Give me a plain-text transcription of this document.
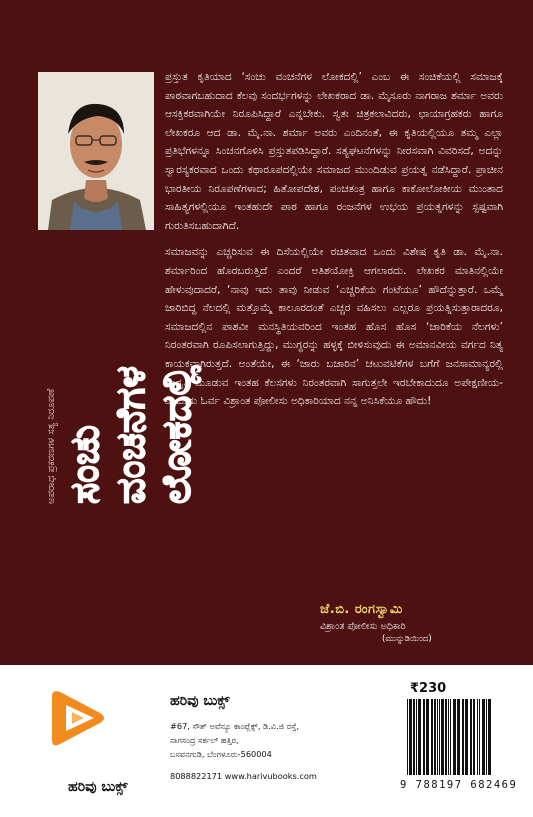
ಅಪರಾಧ ಪ್ರಕರಣಗಳ ಸತ್ಯ ನಿರೂಪಣೆ ಸಂಚು ವಂಚನೆಗಳ ಲೋಕದಲ್ಲಿ

ಪ್ರಸ್ತುತ ಕೃತಿಯಾದ ‘ಸಂಚು ವಂಚನೆಗಳ ಲೋಕದಲ್ಲಿ’ ಎಂಬ ಈ ಸಂಚಿಕೆಯಲ್ಲಿ ಸಮಾಜಕ್ಕೆ ಪಾಠವಾಗಬಹುದಾದ ಕೆಲವು ಸಂದರ್ಭಗಳನ್ನು ಲೇಖಕರಾದ ಡಾ. ಮೈಸೂರು ನಾಗರಾಜ ಶರ್ಮಾ ಅವರು ಆಸಕ್ತಿಕರವಾಗಿಯೇ ನಿರೂಪಿಸಿದ್ದಾರೆ ಎನ್ನಬೇಕು. ಸ್ವತಃ ಚಿತ್ರಕಲಾವಿದರು, ಛಾಯಾಗ್ರಹಕರು ಹಾಗೂ ಲೇಖಕರೂ ಆದ ಡಾ. ಮೈ.ನಾ. ಶರ್ಮಾ ಅವರು ಎಂದಿನಂತೆ, ಈ ಕೃತಿಯಲ್ಲಿಯೂ ತಮ್ಮ ಎಲ್ಲಾ ಪ್ರತಿಭೆಗಳನ್ನೂ ಸಿಂಚನಗೊಳಿಸಿ ಪ್ರಸ್ತುತಪಡಿಸಿದ್ದಾರೆ. ಸತ್ಯಘಟನೆಗಳನ್ನು ನೀರಸವಾಗಿ ವಿವರಿಸದೆ, ಅದನ್ನು ಸ್ವಾರಸ್ಯಕರವಾದ ಒಂದು ಕಥಾರೂಪದಲ್ಲಿಯೇ ಸಮಾಜದ ಮುಂದಿಡುವ ಪ್ರಯತ್ನ ನಡೆಸಿದ್ದಾರೆ. ಪ್ರಾಚೀನ ಭಾರತೀಯ ನಿರೂಪಣೆಗಳಾದ; ಹಿತೋಪದೇಶ, ಪಂಚತಂತ್ರ ಹಾಗೂ ಕಾಕೋಲೋಕೀಯ ಮುಂತಾದ ಸಾಹಿತ್ಯಗಳಲ್ಲಿಯೂ ಇಂತಹುದೇ ಪಾಠ ಹಾಗೂ ರಂಜನೆಗಳ ಉಭಯ ಪ್ರಯತ್ನಗಳನ್ನು ಸ್ಪಷ್ಟವಾಗಿ ಗುರುತಿಸಬಹುದಾಗಿದೆ.

ಸಮಾಜವನ್ನು ಎಚ್ಚರಿಸುವ ಈ ದಿಸೆಯಲ್ಲಿಯೇ ರಚಿತವಾದ ಒಂದು ವಿಶೇಷ ಕೃತಿ ಡಾ. ಮೈ.ನಾ. ಶರ್ಮಾರಿಂದ ಹೊರಬರುತ್ತಿದೆ ಎಂದರೆ ಅತಿಶಯೋಕ್ತಿ ಆಗಲಾರದು. ಲೇಖಕರ ಮಾತಿನಲ್ಲಿಯೇ ಹೇಳುವುದಾದರೆ, ‘ನಾವು ಇದು ತಾವು ನೀಡುವ ‘ಎಚ್ಚರಿಕೆಯ ಗಂಟೆಯೂ’ ಹೌದೆನ್ನುತ್ತಾರೆ. ಒಮ್ಮೆ ಜಾರಿಬಿದ್ದ ನೆಲದಲ್ಲಿ ಮತ್ತೊಮ್ಮೆ ಕಾಲೂರದಂತೆ ಎಚ್ಚರ ವಹಿಸಲು ಎಲ್ಲರೂ ಪ್ರಯತ್ನಿಸುತ್ತಾರಾದರೂ, ಸಮಾಜದಲ್ಲಿನ ಪಾಶವೀ ಮನಸ್ಥಿತಿಯವರಿಂದ ಇಂತಹ ಹೊಸ ಹೊಸ ‘ಜಾರಿಕೆಯ ನೆಲಗಳು’ ನಿರಂತರವಾಗಿ ರೂಪಿಸಲಾಗುತ್ತಿದ್ದು, ಮುಗ್ಧರನ್ನು ಹಳ್ಳಕ್ಕೆ ಬೀಳಿಸುವುದು ಈ ಅಮಾನವೀಯ ವರ್ಗದ ನಿತ್ಯ ಕಾಯಕವಾಗಿರುತ್ತದೆ. ಅಂತೆಯೇ, ಈ ‘ಜಾರು ಬಜಾರಿನ’ ಚಟುವಟಿಕೆಗಳ ಬಗೆಗೆ ಜನಸಾಮಾನ್ಯರಲ್ಲಿ ಜಾಗೃತಿ ಮೂಡುವ ಇಂತಹ ಕೆಲಸಗಳು ನಿರಂತರವಾಗಿ ಸಾಗುತ್ತಲೇ ಇರಬೇಕಾದುದೂ ಅಪೇಕ್ಷಣೀಯ-ಎಂಬುದು ಓರ್ವ ವಿಶ್ರಾಂತ ಪೋಲೀಸು ಅಧಿಕಾರಿಯಾದ ನನ್ನ ಅನಿಸಿಕೆಯೂ ಹೌದು!

ಜೆ.ಬಿ. ರಂಗಸ್ವಾಮಿ
ವಿಶ್ರಾಂತ ಪೋಲೀಸು ಅಧಿಕಾರಿ
(ಮುನ್ನುಡಿಯಿಂದ)
ಹರಿವು ಬುಕ್ಸ್
ಹರಿವು ಬುಕ್ಸ್
#67, ಸೌತ್ ಅವೆನ್ಯೂ ಕಾಂಪ್ಲೆಕ್ಸ್, ಡಿ.ವಿ.ಜಿ ರಸ್ತೆ,
ನಾಗಸಂದ್ರ ಸರ್ಕಲ್ ಹತ್ತಿರ,
ಬಸವನಗುಡಿ, ಬೆಂಗಳೂರು-560004
8088822171 www.harivubooks.com
₹230
9 788197 682469
